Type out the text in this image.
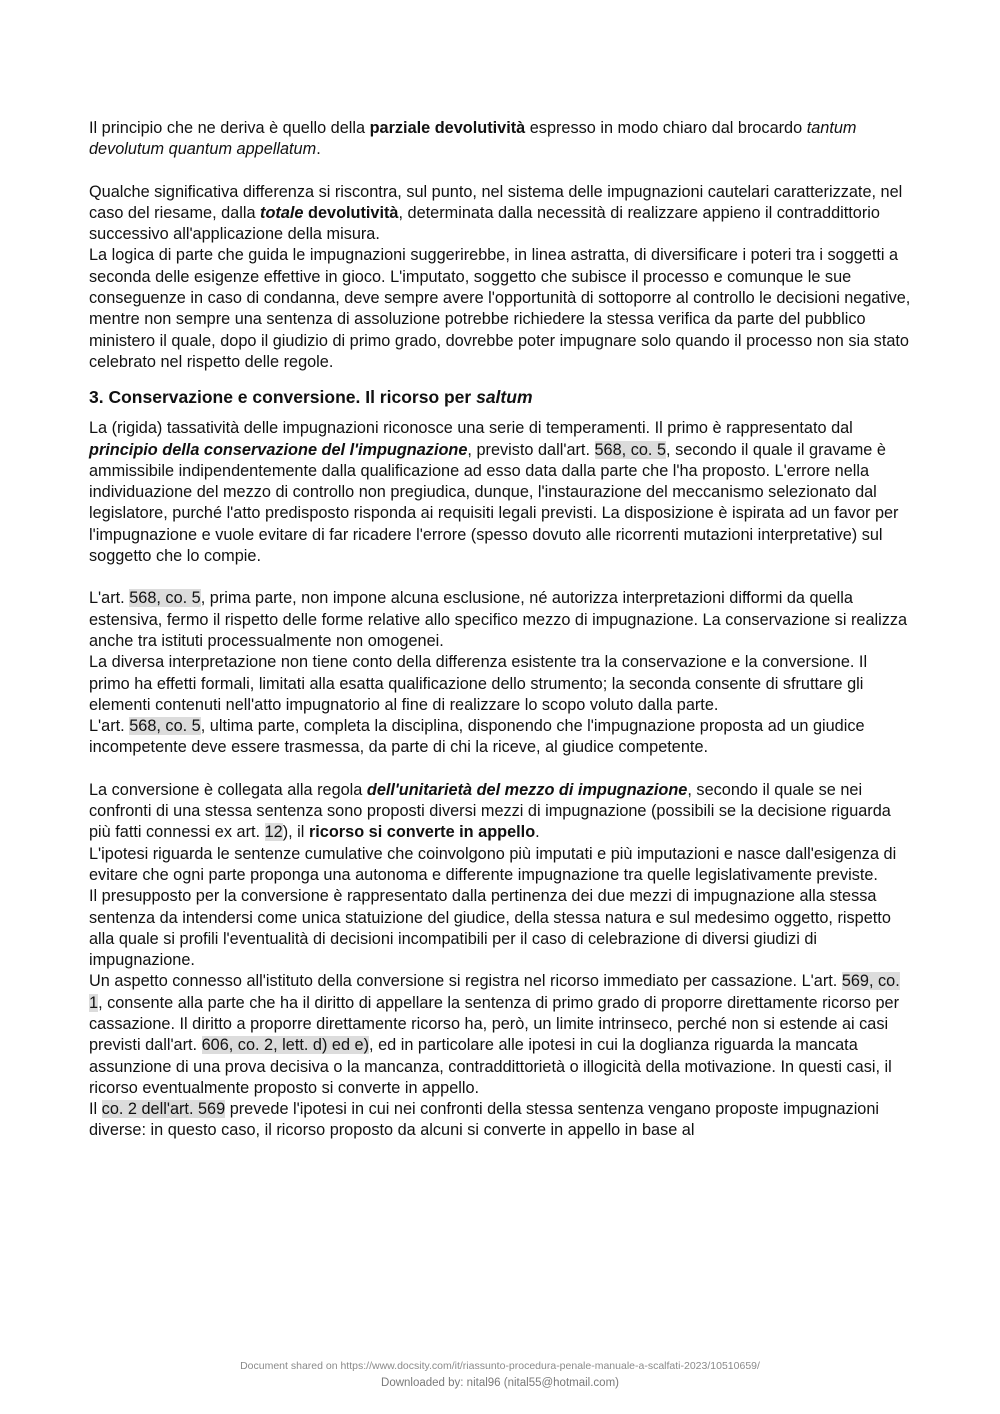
Il principio che ne deriva è quello della parziale devolutività espresso in modo chiaro dal brocardo tantum devolutum quantum appellatum.

Qualche significativa differenza si riscontra, sul punto, nel sistema delle impugnazioni cautelari caratterizzate, nel caso del riesame, dalla totale devolutività, determinata dalla necessità di realizzare appieno il contraddittorio successivo all'applicazione della misura.

La logica di parte che guida le impugnazioni suggerirebbe, in linea astratta, di diversificare i poteri tra i soggetti a seconda delle esigenze effettive in gioco. L'imputato, soggetto che subisce il processo e comunque le sue conseguenze in caso di condanna, deve sempre avere l'opportunità di sottoporre al controllo le decisioni negative, mentre non sempre una sentenza di assoluzione potrebbe richiedere la stessa verifica da parte del pubblico ministero il quale, dopo il giudizio di primo grado, dovrebbe poter impugnare solo quando il processo non sia stato celebrato nel rispetto delle regole.

3. Conservazione e conversione. Il ricorso per saltum

La (rigida) tassatività delle impugnazioni riconosce una serie di temperamenti. Il primo è rappresentato dal principio della conservazione del l'impugnazione, previsto dall'art. 568, co. 5, secondo il quale il gravame è ammissibile indipendentemente dalla qualificazione ad esso data dalla parte che l'ha proposto. L'errore nella individuazione del mezzo di controllo non pregiudica, dunque, l'instaurazione del meccanismo selezionato dal legislatore, purché l'atto predisposto risponda ai requisiti legali previsti. La disposizione è ispirata ad un favor per l'impugnazione e vuole evitare di far ricadere l'errore (spesso dovuto alle ricorrenti mutazioni interpretative) sul soggetto che lo compie.

L'art. 568, co. 5, prima parte, non impone alcuna esclusione, né autorizza interpretazioni difformi da quella estensiva, fermo il rispetto delle forme relative allo specifico mezzo di impugnazione. La conservazione si realizza anche tra istituti processualmente non omogenei.

La diversa interpretazione non tiene conto della differenza esistente tra la conservazione e la conversione. Il primo ha effetti formali, limitati alla esatta qualificazione dello strumento; la seconda consente di sfruttare gli elementi contenuti nell'atto impugnatorio al fine di realizzare lo scopo voluto dalla parte.

L'art. 568, co. 5, ultima parte, completa la disciplina, disponendo che l'impugnazione proposta ad un giudice incompetente deve essere trasmessa, da parte di chi la riceve, al giudice competente.

La conversione è collegata alla regola dell'unitarietà del mezzo di impugnazione, secondo il quale se nei confronti di una stessa sentenza sono proposti diversi mezzi di impugnazione (possibili se la decisione riguarda più fatti connessi ex art. 12), il ricorso si converte in appello.

L'ipotesi riguarda le sentenze cumulative che coinvolgono più imputati e più imputazioni e nasce dall'esigenza di evitare che ogni parte proponga una autonoma e differente impugnazione tra quelle legislativamente previste.

Il presupposto per la conversione è rappresentato dalla pertinenza dei due mezzi di impugnazione alla stessa sentenza da intendersi come unica statuizione del giudice, della stessa natura e sul medesimo oggetto, rispetto alla quale si profili l'eventualità di decisioni incompatibili per il caso di celebrazione di diversi giudizi di impugnazione.

Un aspetto connesso all'istituto della conversione si registra nel ricorso immediato per cassazione. L'art. 569, co. 1, consente alla parte che ha il diritto di appellare la sentenza di primo grado di proporre direttamente ricorso per cassazione. Il diritto a proporre direttamente ricorso ha, però, un limite intrinseco, perché non si estende ai casi previsti dall'art. 606, co. 2, lett. d) ed e), ed in particolare alle ipotesi in cui la doglianza riguarda la mancata assunzione di una prova decisiva o la mancanza, contraddittorietà o illogicità della motivazione. In questi casi, il ricorso eventualmente proposto si converte in appello.

Il co. 2 dell'art. 569 prevede l'ipotesi in cui nei confronti della stessa sentenza vengano proposte impugnazioni diverse: in questo caso, il ricorso proposto da alcuni si converte in appello in base al

Document shared on https://www.docsity.com/it/riassunto-procedura-penale-manuale-a-scalfati-2023/10510659/
Downloaded by: nital96 (nital55@hotmail.com)
